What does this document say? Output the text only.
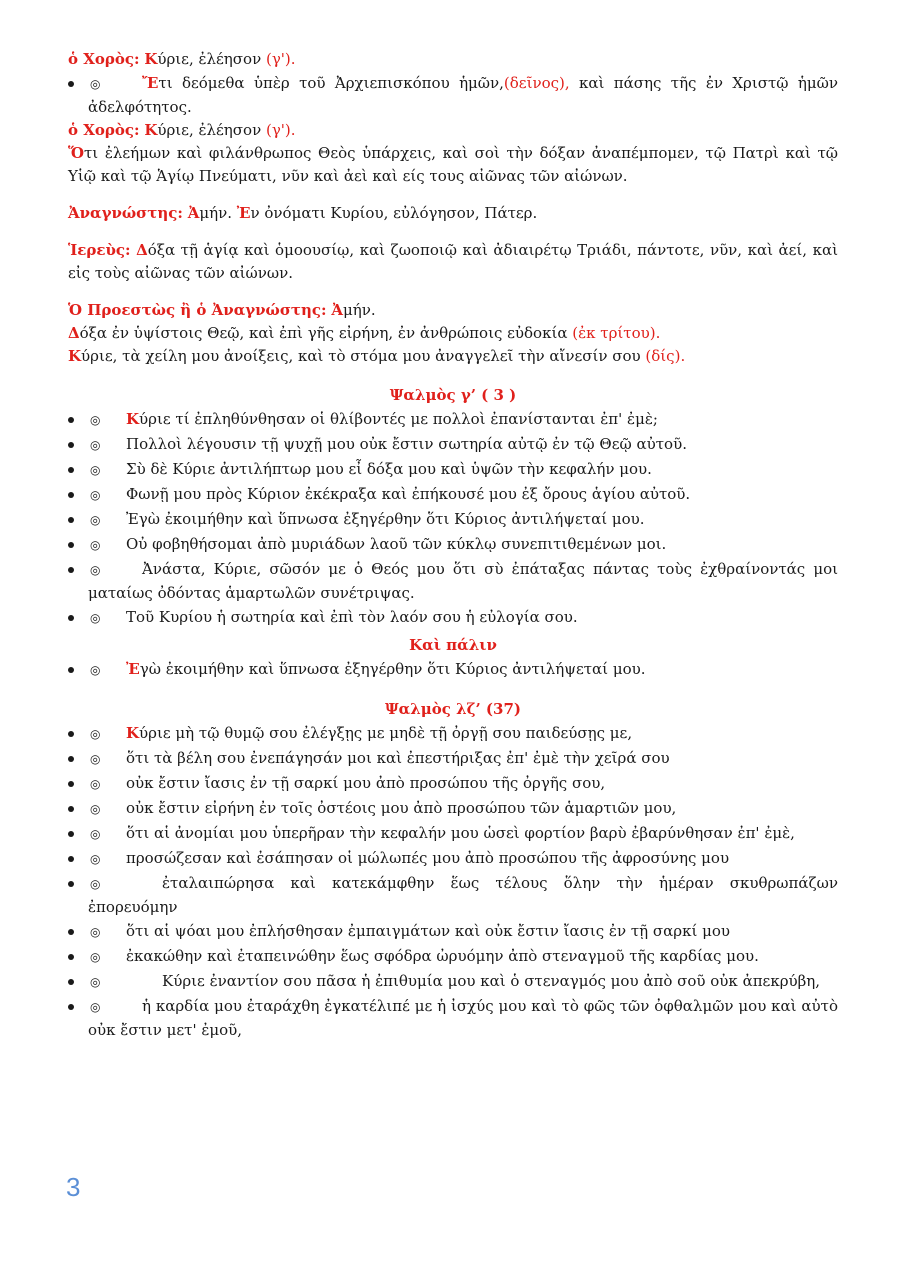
ὁ Χορὸς: Κύριε, ἐλέησον (γ').

◎	Ἔτι δεόμεθα ὑπὲρ τοῦ Ἀρχιεπισκόπου ἡμῶν,(δεῖνος), καὶ πάσης τῆς ἐν Χριστῷ ἡμῶν ἀδελφότητος.

ὁ Χορὸς: Κύριε, ἐλέησον (γ').

Ὅτι ἐλεήμων καὶ φιλάνθρωπος Θεὸς ὑπάρχεις, καὶ σοὶ τὴν δόξαν ἀναπέμπομεν, τῷ Πατρὶ καὶ τῷ Υἱῷ καὶ τῷ Ἁγίῳ Πνεύματι, νῦν καὶ ἀεὶ καὶ είς τους αἰῶνας τῶν αἰώνων.

Ἀναγνώστης: Ἀμήν. Ἐν ὀνόματι Κυρίου, εὐλόγησον, Πάτερ.

Ἱερεὺς: Δόξα τῇ ἁγίᾳ καὶ ὁμοουσίῳ, καὶ ζωοποιῷ καὶ ἀδιαιρέτῳ Τριάδι, πάντοτε, νῦν, καὶ ἀεί, καὶ εἰς τοὺς αἰῶνας τῶν αἰώνων.

Ὁ Προεστὼς ἢ ὁ Ἀναγνώστης: Ἀμήν.

Δόξα ἐν ὑψίστοις Θεῷ, καὶ ἐπὶ γῆς εἰρήνη, ἐν ἀνθρώποις εὐδοκία (ἐκ τρίτου).

Κύριε, τὰ χείλη μου ἀνοίξεις, καὶ τὸ στόμα μου ἀναγγελεῖ τὴν αἴνεσίν σου (δίς).

Ψαλμὸς γ’ ( 3 )

◎ Κύριε τί ἐπληθύνθησαν οἱ θλίβοντές με πολλοὶ ἐπανίστανται ἐπ' ἐμὲ;

◎ Πολλοὶ λέγουσιν τῇ ψυχῇ μου οὐκ ἔστιν σωτηρία αὐτῷ ἐν τῷ Θεῷ αὐτοῦ.

◎ Σὺ δὲ Κύριε ἀντιλήπτωρ μου εἶ δόξα μου καὶ ὑψῶν τὴν κεφαλήν μου.

◎ Φωνῇ μου πρὸς Κύριον ἐκέκραξα καὶ ἐπήκουσέ μου ἐξ ὄρους ἁγίου αὐτοῦ.

◎ Ἐγὼ ἐκοιμήθην καὶ ὕπνωσα ἐξηγέρθην ὅτι Κύριος ἀντιλήψεταί μου.

◎ Οὐ φοβηθήσομαι ἀπὸ μυριάδων λαοῦ τῶν κύκλῳ συνεπιτιθεμένων μοι.

◎	Ἀνάστα, Κύριε, σῶσόν με ὁ Θεός μου ὅτι σὺ ἐπάταξας πάντας τοὺς ἐχθραίνοντάς μοι ματαίως ὀδόντας ἁμαρτωλῶν συνέτριψας.

◎ Τοῦ Κυρίου ἡ σωτηρία καὶ ἐπὶ τὸν λαόν σου ἡ εὐλογία σου.

Καὶ πάλιν

◎ Ἐγὼ ἐκοιμήθην καὶ ὕπνωσα ἐξηγέρθην ὅτι Κύριος ἀντιλήψεταί μου.

Ψαλμὸς λζ’ (37)

◎ Κύριε μὴ τῷ θυμῷ σου ἐλέγξῃς με μηδὲ τῇ ὀργῇ σου παιδεύσῃς με,

◎ ὅτι τὰ βέλη σου ἐνεπάγησάν μοι καὶ ἐπεστήριξας ἐπ' ἐμὲ τὴν χεῖρά σου

◎ οὐκ ἔστιν ἴασις ἐν τῇ σαρκί μου ἀπὸ προσώπου τῆς ὀργῆς σου,

◎ οὐκ ἔστιν εἰρήνη ἐν τοῖς ὀστέοις μου ἀπὸ προσώπου τῶν ἁμαρτιῶν μου,

◎ ὅτι αἱ ἀνομίαι μου ὑπερῆραν τὴν κεφαλήν μου ὡσεὶ φορτίον βαρὺ ἐβαρύνθησαν ἐπ' ἐμὲ,

◎ προσώζεσαν καὶ ἐσάπησαν οἱ μώλωπές μου ἀπὸ προσώπου τῆς ἀφροσύνης μου

◎	ἐταλαιπώρησα καὶ κατεκάμφθην ἕως τέλους ὅλην τὴν ἡμέραν σκυθρωπάζων ἐπορευόμην

◎ ὅτι αἱ ψόαι μου ἐπλήσθησαν ἐμπαιγμάτων καὶ οὐκ ἔστιν ἴασις ἐν τῇ σαρκί μου

◎ ἐκακώθην καὶ ἐταπεινώθην ἕως σφόδρα ὠρυόμην ἀπὸ στεναγμοῦ τῆς καρδίας μου.

◎	Κύριε ἐναντίον σου πᾶσα ἡ ἐπιθυμία μου καὶ ὁ στεναγμός μου ἀπὸ σοῦ οὐκ ἀπεκρύβη,

◎	ἡ καρδία μου ἐταράχθη ἐγκατέλιπέ με ἡ ἰσχύς μου καὶ τὸ φῶς τῶν ὀφθαλμῶν μου καὶ αὐτὸ οὐκ ἔστιν μετ' ἐμοῦ,

3
